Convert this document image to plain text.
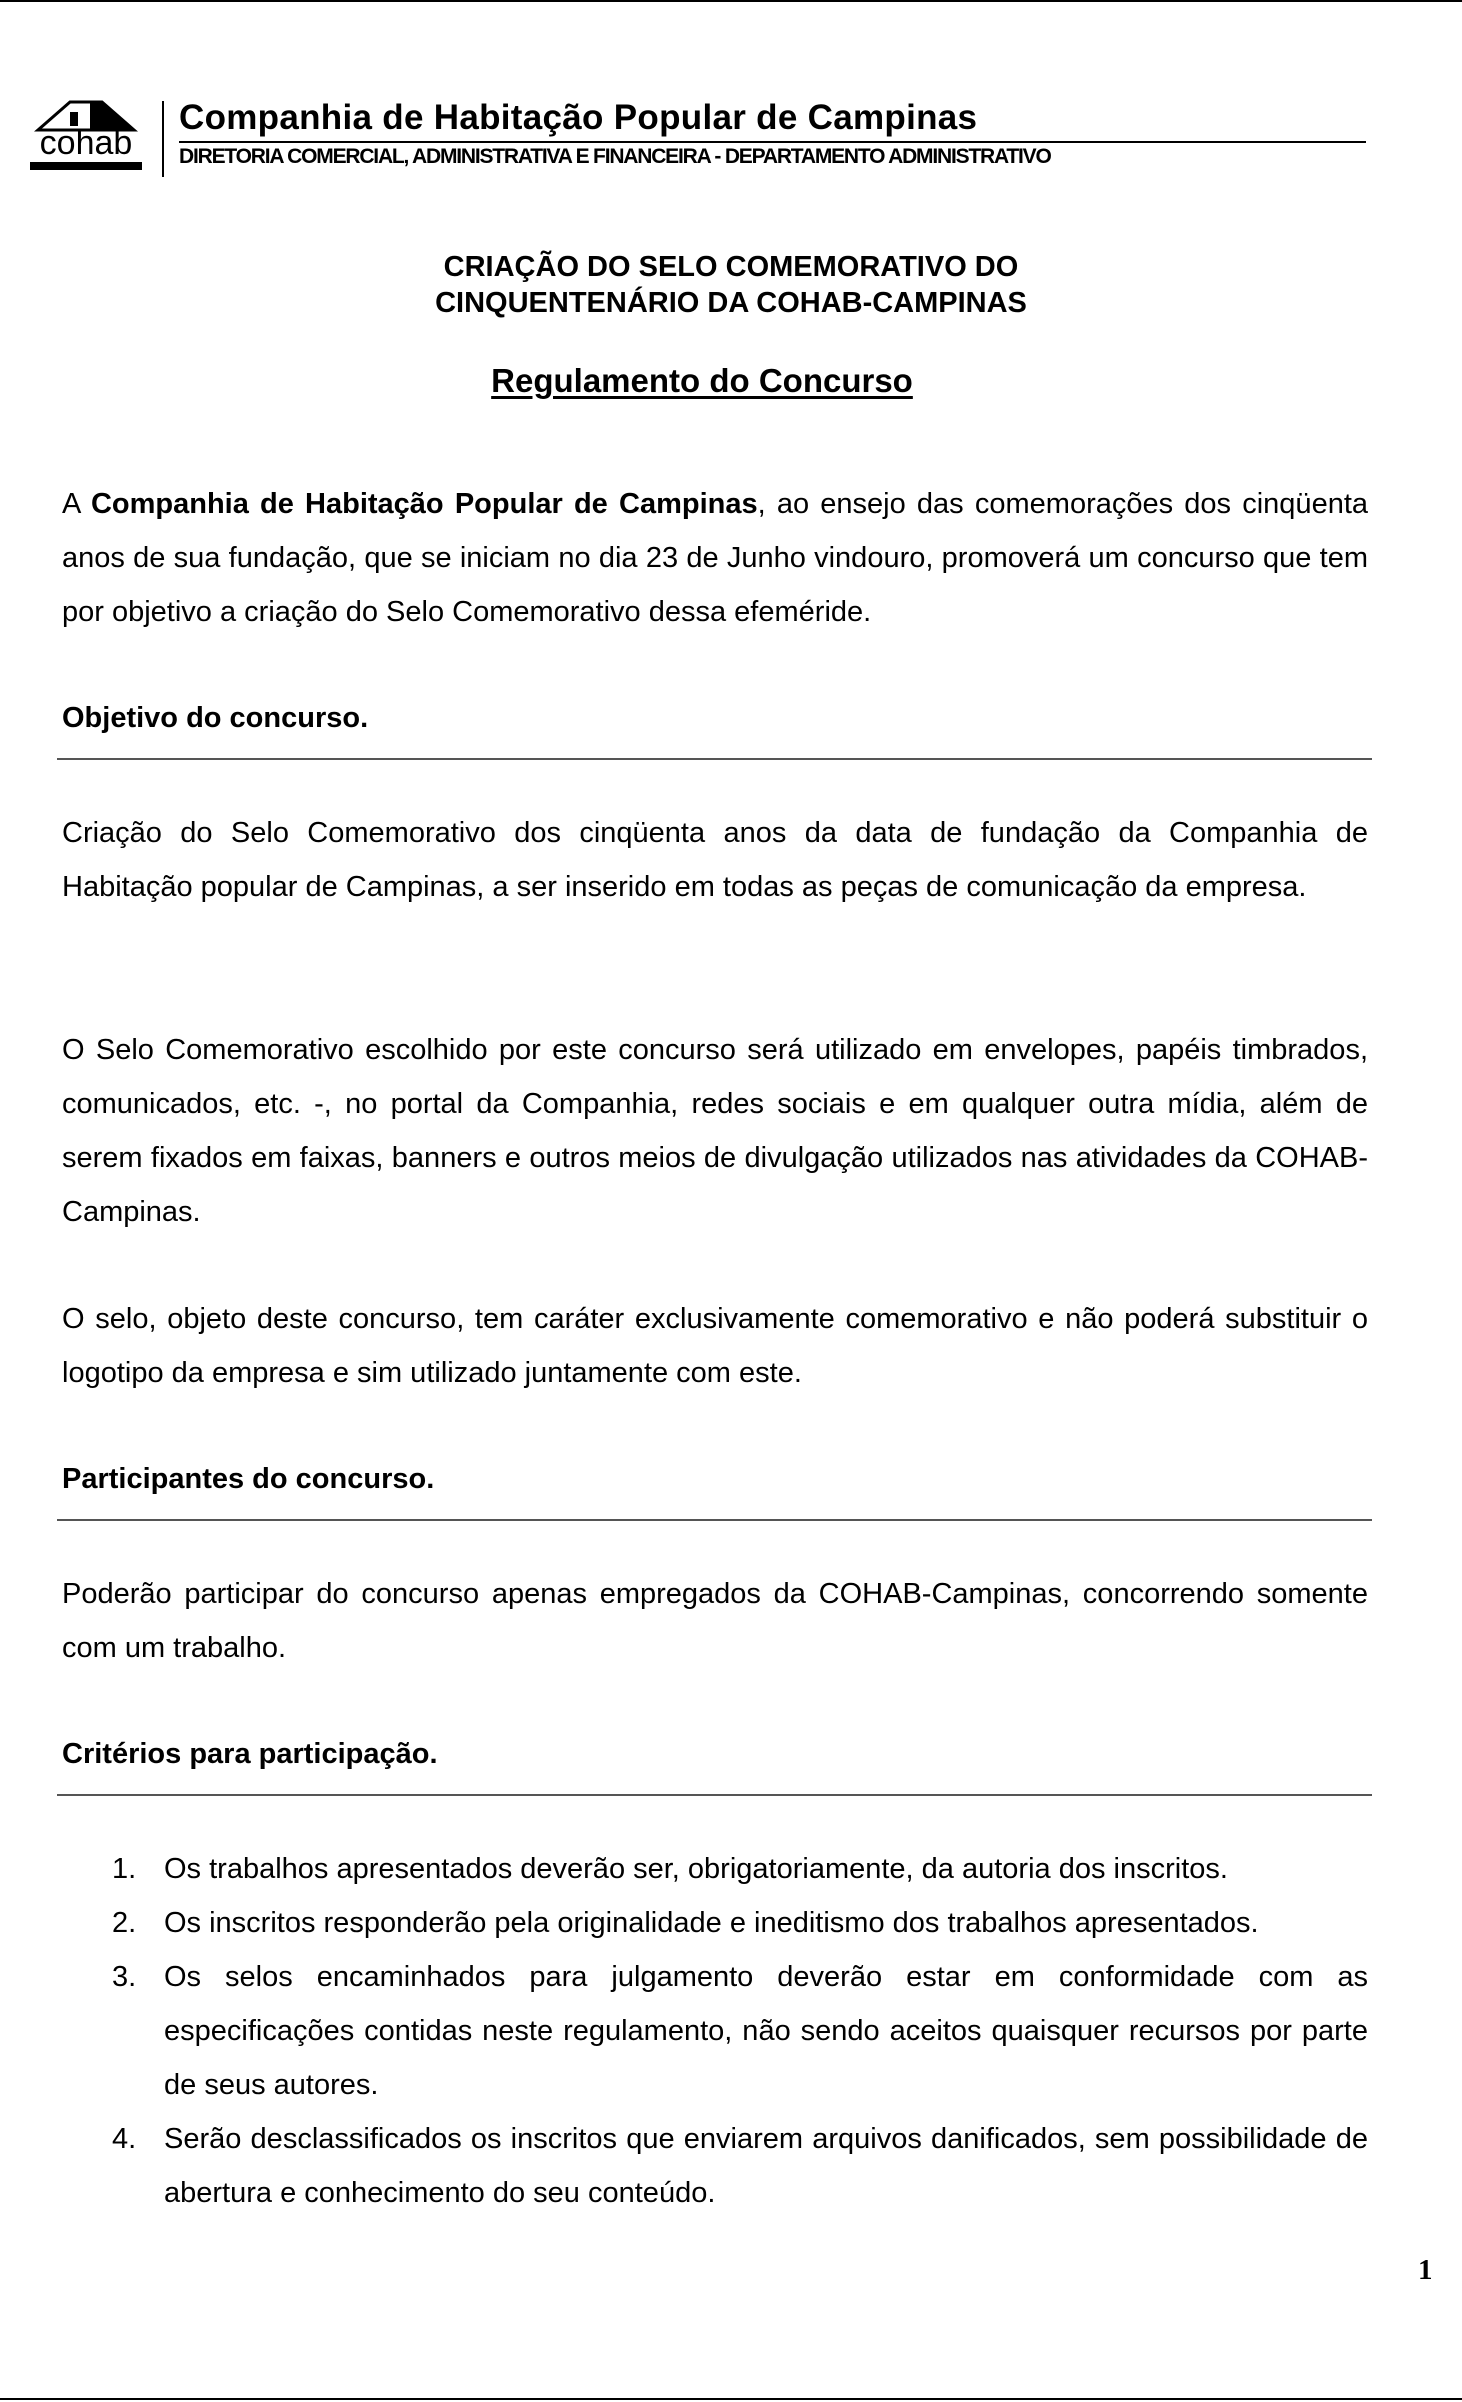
cohab
Companhia de Habitação Popular de Campinas
DIRETORIA COMERCIAL, ADMINISTRATIVA E FINANCEIRA - DEPARTAMENTO ADMINISTRATIVO
CRIAÇÃO DO SELO COMEMORATIVO DO
CINQUENTENÁRIO DA COHAB-CAMPINAS
Regulamento do Concurso
A Companhia de Habitação Popular de Campinas, ao ensejo das comemorações dos cinqüenta anos de sua fundação, que se iniciam no dia 23 de Junho vindouro, promoverá um concurso que tem por objetivo a criação do Selo Comemorativo dessa efeméride.
Objetivo do concurso.
Criação do Selo Comemorativo dos cinqüenta anos da data de fundação da Companhia de Habitação popular de Campinas, a ser inserido em todas as peças de comunicação da empresa.
O Selo Comemorativo escolhido por este concurso será utilizado em envelopes, papéis timbrados, comunicados, etc. -, no portal da Companhia, redes sociais e em qualquer outra mídia, além de serem fixados em faixas, banners e outros meios de divulgação utilizados nas atividades da COHAB-Campinas.
O selo, objeto deste concurso, tem caráter exclusivamente comemorativo e não poderá substituir o logotipo da empresa e sim utilizado juntamente com este.
Participantes do concurso.
Poderão participar do concurso apenas empregados da COHAB-Campinas, concorrendo somente com um trabalho.
Critérios para participação.
1. Os trabalhos apresentados deverão ser, obrigatoriamente, da autoria dos inscritos.
2. Os inscritos responderão pela originalidade e ineditismo dos trabalhos apresentados.
3. Os selos encaminhados para julgamento deverão estar em conformidade com as especificações contidas neste regulamento, não sendo aceitos quaisquer recursos por parte de seus autores.
4. Serão desclassificados os inscritos que enviarem arquivos danificados, sem possibilidade de abertura e conhecimento do seu conteúdo.
1
